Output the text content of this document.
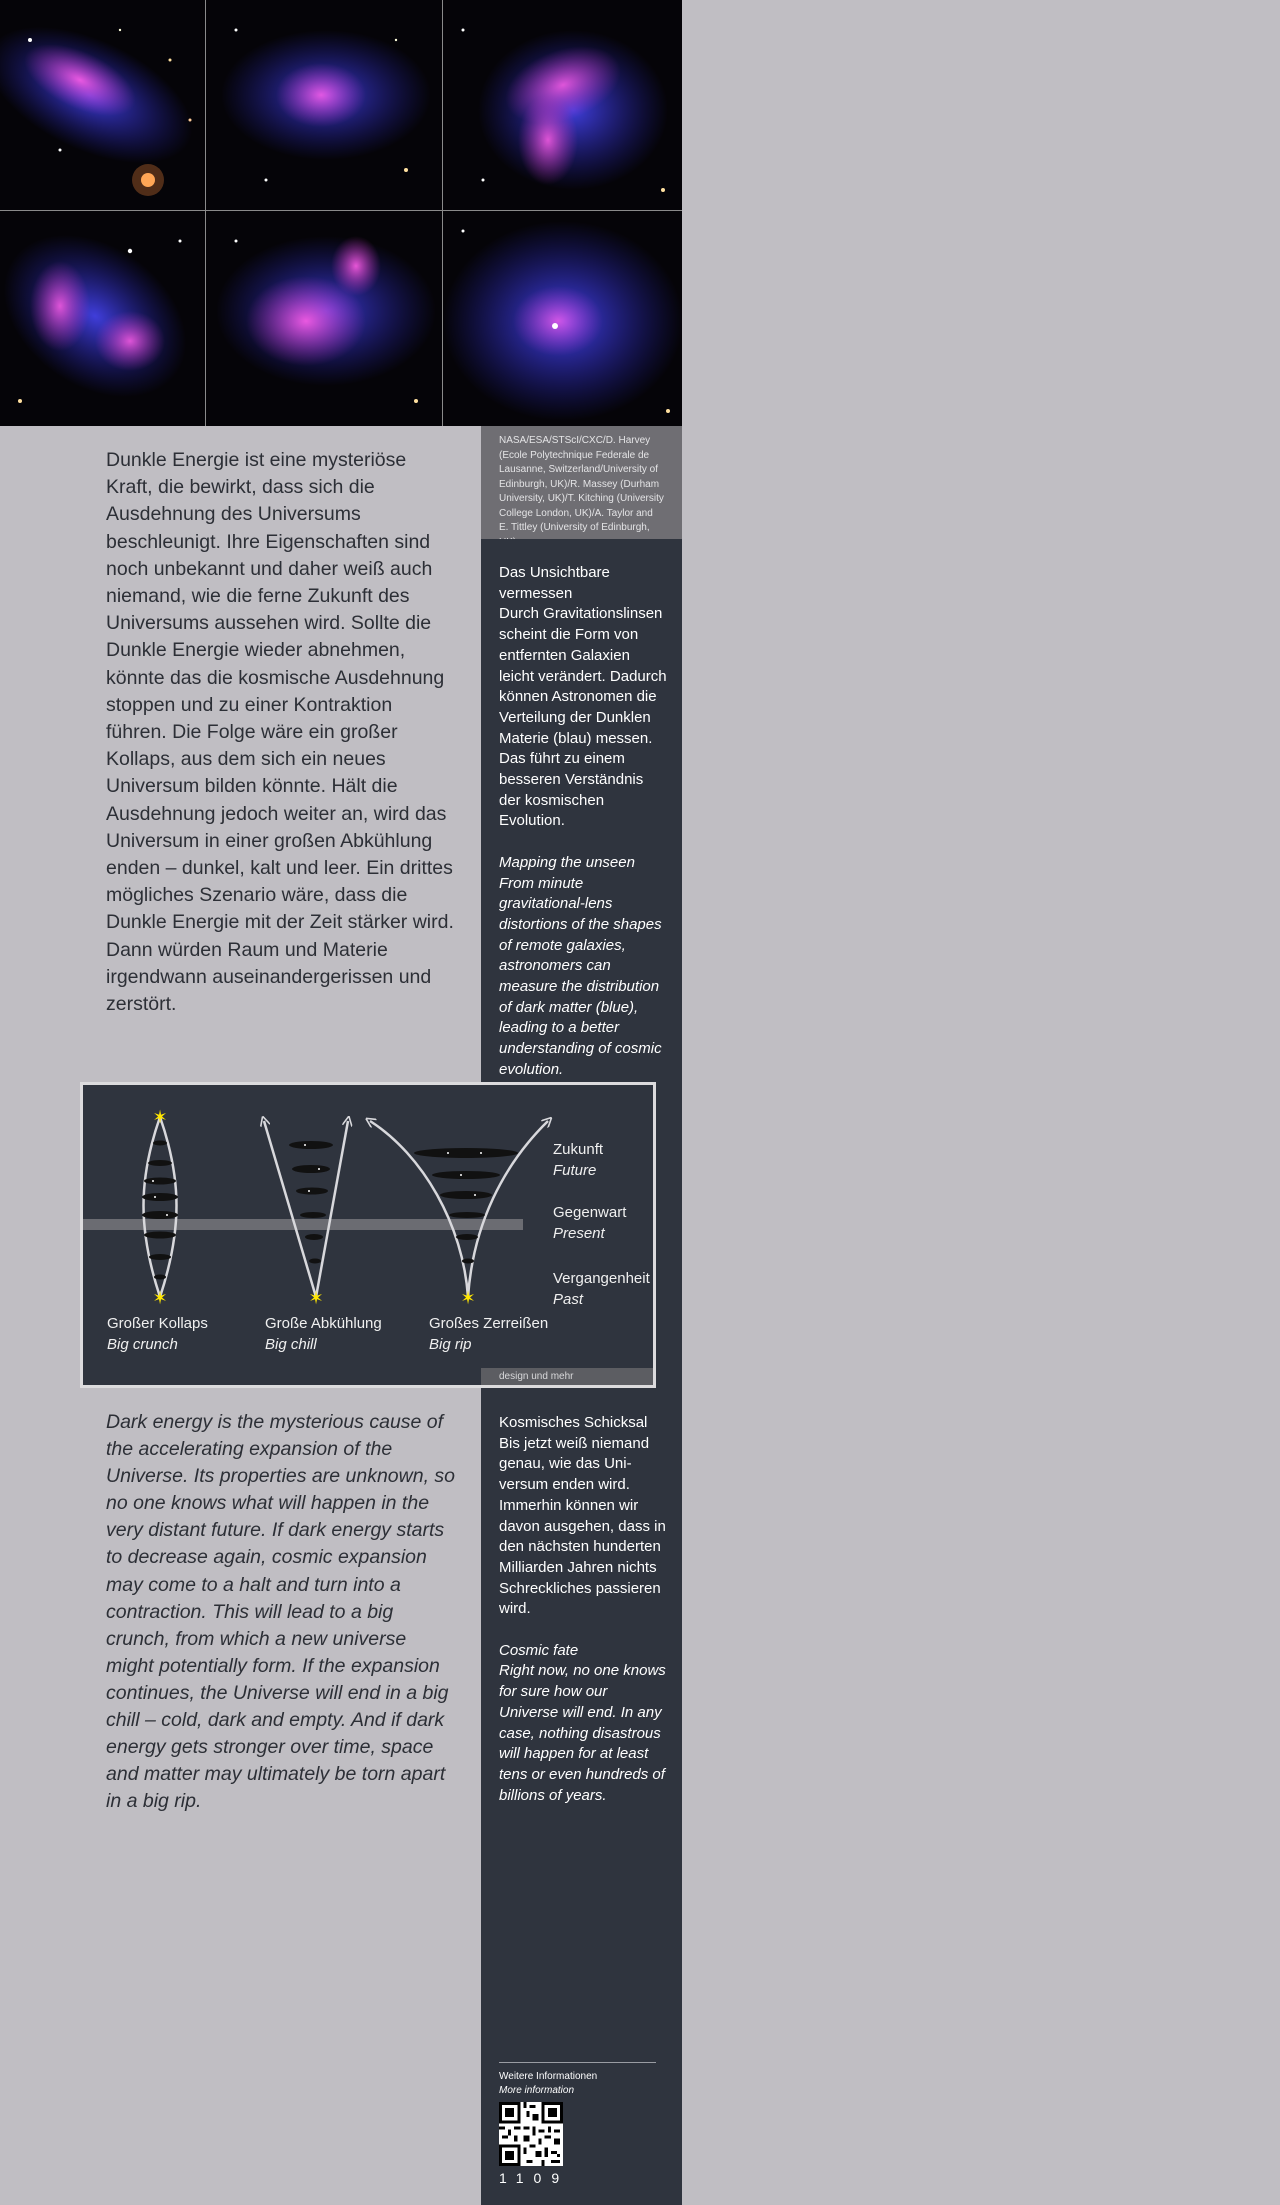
NASA/ESA/STScI/CXC/D. Harvey (Ecole Polytechnique Federale de Lausanne, Switzerland/University of Edinburgh, UK)/R. Massey (Durham University, UK)/T. Kitching (University College London, UK)/A. Taylor and E. Tittley (University of Edinburgh,
Das Unsichtbare vermessen
Durch Gravitationslinsen scheint die Form von entfernten Galaxien leicht verändert. Dadurch können Astronomen die Verteilung der Dunklen Materie (blau) messen. Das führt zu einem besseren Verständnis der kosmischen Evolution.
Mapping the unseen
From minute gravitational-lens distortions of the shapes of remote galaxies, astronomers can measure the distribution of dark matter (blue), leading to a better understanding of cosmic evolution.
Kosmisches Schicksal
Bis jetzt weiß niemand genau, wie das Universum enden wird. Immerhin können wir davon ausgehen, dass in den nächsten hunderten Milliarden Jahren nichts Schreckliches passieren wird.
Cosmic fate
Right now, no one knows for sure how our Universe will end. In any case, nothing disastrous will happen for at least tens or even hundreds of billions of years.
Dunkle Energie ist eine mysteriöse Kraft, die bewirkt, dass sich die Ausdehnung des Universums beschleunigt. Ihre Eigenschaften sind noch unbekannt und daher weiß auch niemand, wie die ferne Zukunft des Universums aussehen wird. Sollte die Dunkle Energie wieder abnehmen, könnte das die kosmische Ausdehnung stoppen und zu einer Kontraktion führen. Die Folge wäre ein großer Kollaps, aus dem sich ein neues Universum bilden könnte. Hält die Ausdehnung jedoch weiter an, wird das Universum in einer großen Abkühlung enden – dunkel, kalt und leer. Ein drittes mögliches Szenario wäre, dass die Dunkle Energie mit der Zeit stärker wird. Dann würden Raum und Materie irgendwann auseinandergerissen und zerstört.
Dark energy is the mysterious cause of the accelerating expansion of the Universe. Its properties are unknown, so no one knows what will happen in the very distant future. If dark energy starts to decrease again, cosmic expansion may come to a halt and turn into a contraction. This will lead to a big crunch, from which a new universe might potentially form. If the expansion continues, the Universe will end in a big chill – cold, dark and empty. And if dark energy gets stronger over time, space and matter may ultimately be torn apart in a big rip.
✶
✶	✶	✶
Zukunft
Future
Gegenwart
Present
Vergangenheit
Past
Großer Kollaps
Big crunch
Große Abkühlung
Big chill
Großes Zerreißen
Big rip
design und mehr
Weitere Informationen
More information
1109
